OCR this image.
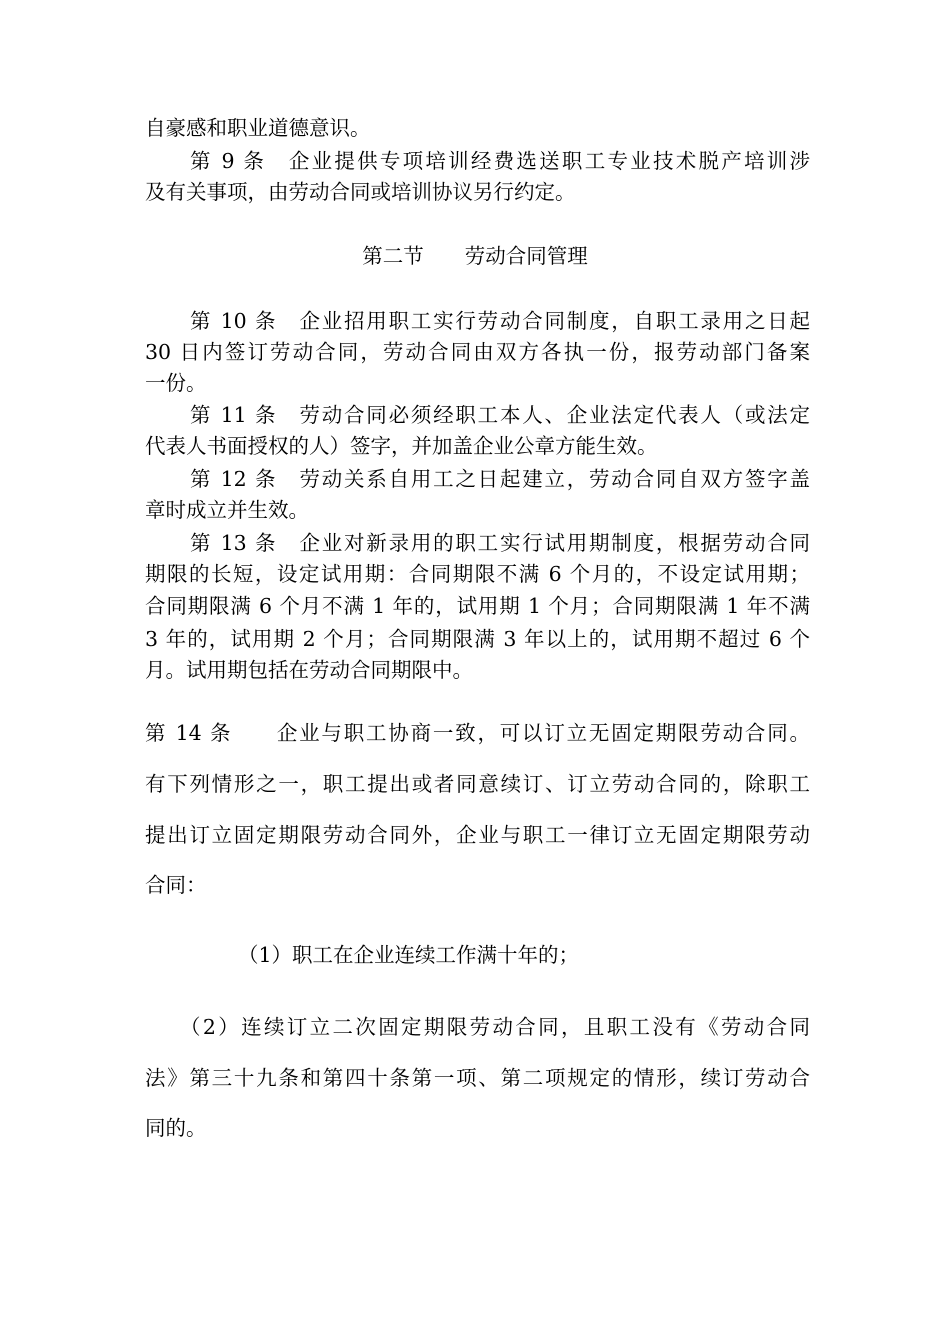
自豪感和职业道德意识。
第 9 条　企业提供专项培训经费选送职工专业技术脱产培训涉
及有关事项，由劳动合同或培训协议另行约定。
第二节　　劳动合同管理
第 10 条　企业招用职工实行劳动合同制度，自职工录用之日起
30 日内签订劳动合同，劳动合同由双方各执一份，报劳动部门备案
一份。
第 11 条　劳动合同必须经职工本人、企业法定代表人（或法定
代表人书面授权的人）签字，并加盖企业公章方能生效。
第 12 条　劳动关系自用工之日起建立，劳动合同自双方签字盖
章时成立并生效。
第 13 条　企业对新录用的职工实行试用期制度，根据劳动合同
期限的长短，设定试用期：合同期限不满 6 个月的，不设定试用期；
合同期限满 6 个月不满 1 年的，试用期 1 个月；合同期限满 1 年不满
3 年的，试用期 2 个月；合同期限满 3 年以上的，试用期不超过 6 个
月。试用期包括在劳动合同期限中。
第 14 条　　企业与职工协商一致，可以订立无固定期限劳动合同。
有下列情形之一，职工提出或者同意续订、订立劳动合同的，除职工
提出订立固定期限劳动合同外，企业与职工一律订立无固定期限劳动
合同：
（1）职工在企业连续工作满十年的；
（2）连续订立二次固定期限劳动合同，且职工没有《劳动合同
法》第三十九条和第四十条第一项、第二项规定的情形，续订劳动合
同的。
